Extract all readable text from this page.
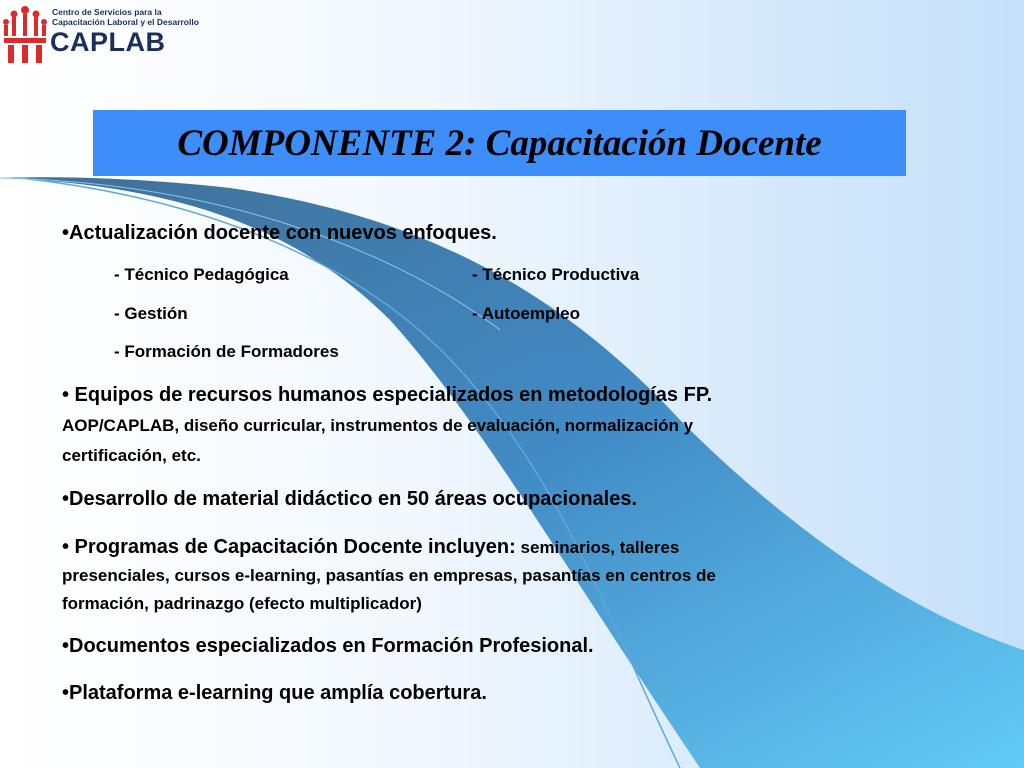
Centro de Servicios para la
Capacitación Laboral y el Desarrollo
CAPLAB
COMPONENTE 2: Capacitación Docente
•Actualización docente con nuevos enfoques.
- Técnico Pedagógica	- Técnico Productiva
- Gestión	- Autoempleo
- Formación de Formadores
• Equipos de recursos humanos especializados en metodologías FP.
AOP/CAPLAB, diseño curricular, instrumentos de evaluación, normalización y
certificación, etc.
•Desarrollo de material didáctico en 50 áreas ocupacionales.
• Programas de Capacitación Docente incluyen: seminarios, talleres
presenciales, cursos e-learning, pasantías en empresas, pasantías en centros de
formación, padrinazgo (efecto multiplicador)
•Documentos especializados en Formación Profesional.
•Plataforma e-learning que amplía cobertura.
